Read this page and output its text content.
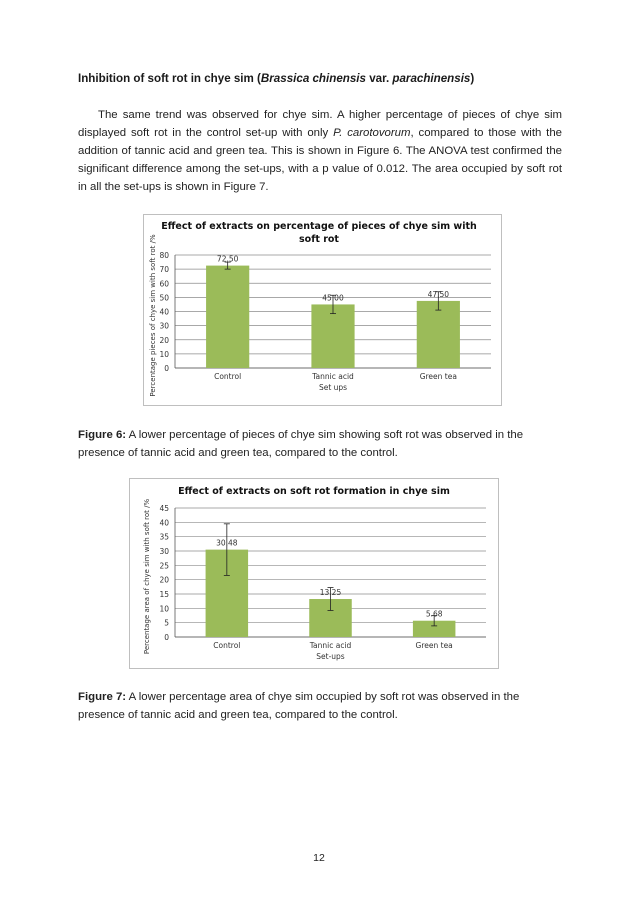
Inhibition of soft rot in chye sim (Brassica chinensis var. parachinensis)

The same trend was observed for chye sim. A higher percentage of pieces of chye sim displayed soft rot in the control set-up with only P. carotovorum, compared to those with the addition of tannic acid and green tea. This is shown in Figure 6. The ANOVA test confirmed the significant difference among the set-ups, with a p value of 0.012. The area occupied by soft rot in all the set-ups is shown in Figure 7.

Effect of extracts on percentage of pieces of chye sim with
soft rot
0
10
20
30
40
50
60
70
80	72.50
Control
45.00
Tannic acid
47.50
Green tea
Set ups
Percentage pieces of chye sim with soft rot /%

Figure 6: A lower percentage of pieces of chye sim showing soft rot was observed in the presence of tannic acid and green tea, compared to the control.

Effect of extracts on soft rot formation in chye sim
0
5
10
15
20
25
30
35
40
45
30.48
Control
13.25
Tannic acid
5.68
Green tea
Set-ups
Percentage area of chye sim with soft rot /%

Figure 7: A lower percentage area of chye sim occupied by soft rot was observed in the presence of tannic acid and green tea, compared to the control.

12
